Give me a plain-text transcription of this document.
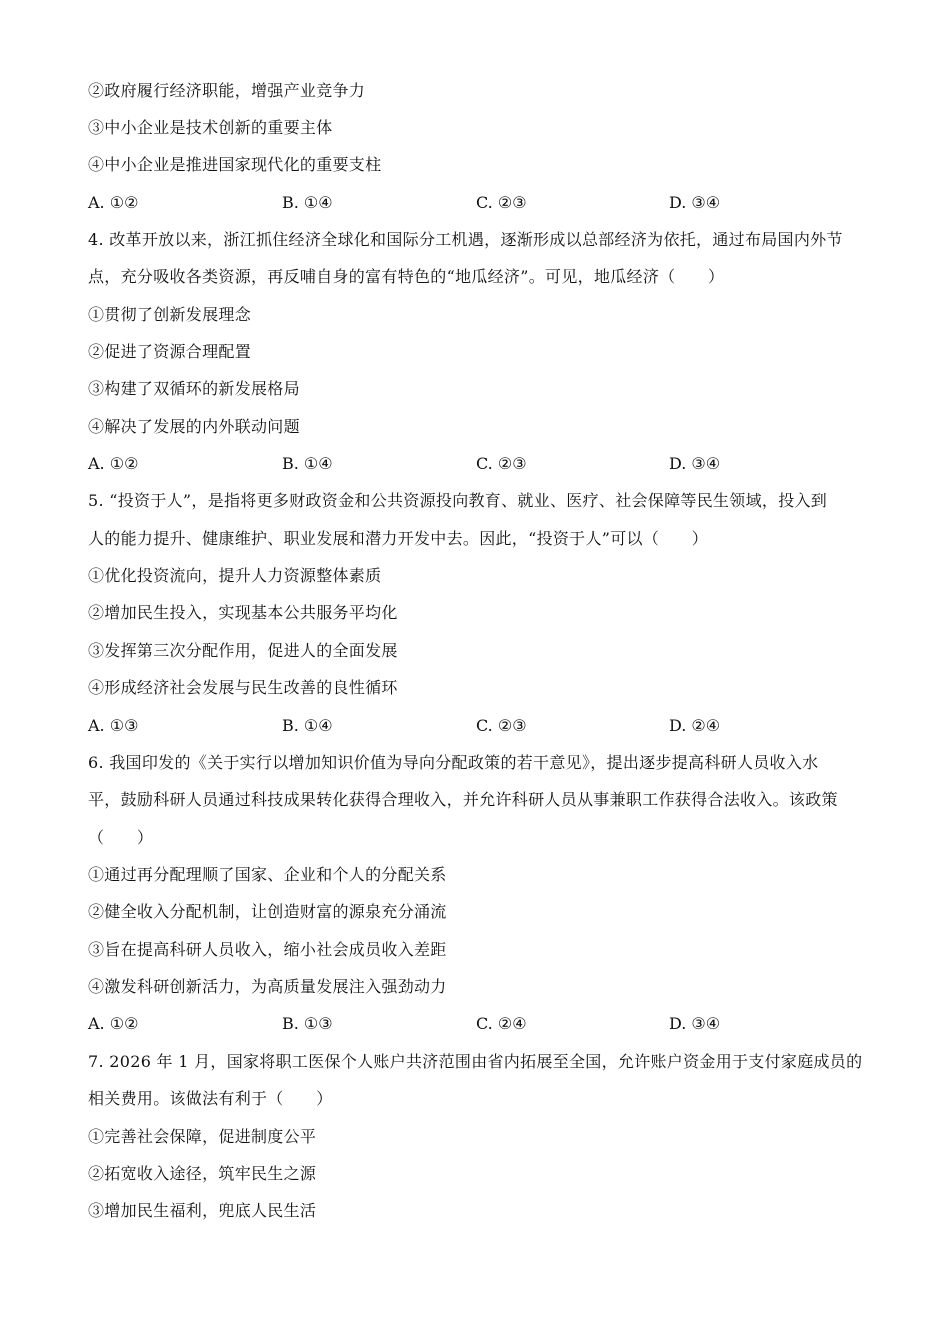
②政府履行经济职能，增强产业竞争力
③中小企业是技术创新的重要主体
④中小企业是推进国家现代化的重要支柱
A. ①②	B. ①④	C. ②③	D. ③④
4. 改革开放以来，浙江抓住经济全球化和国际分工机遇，逐渐形成以总部经济为依托，通过布局国内外节
点，充分吸收各类资源，再反哺自身的富有特色的“地瓜经济”。可见，地瓜经济（　　）
①贯彻了创新发展理念
②促进了资源合理配置
③构建了双循环的新发展格局
④解决了发展的内外联动问题
A. ①②	B. ①④	C. ②③	D. ③④
5. “投资于人”，是指将更多财政资金和公共资源投向教育、就业、医疗、社会保障等民生领域，投入到
人的能力提升、健康维护、职业发展和潜力开发中去。因此，“投资于人”可以（　　）
①优化投资流向，提升人力资源整体素质
②增加民生投入，实现基本公共服务平均化
③发挥第三次分配作用，促进人的全面发展
④形成经济社会发展与民生改善的良性循环
A. ①③	B. ①④	C. ②③	D. ②④
6. 我国印发的《关于实行以增加知识价值为导向分配政策的若干意见》，提出逐步提高科研人员收入水
平，鼓励科研人员通过科技成果转化获得合理收入，并允许科研人员从事兼职工作获得合法收入。该政策
（　　）
①通过再分配理顺了国家、企业和个人的分配关系
②健全收入分配机制，让创造财富的源泉充分涌流
③旨在提高科研人员收入，缩小社会成员收入差距
④激发科研创新活力，为高质量发展注入强劲动力
A. ①②	B. ①③	C. ②④	D. ③④
7. 2026 年 1 月，国家将职工医保个人账户共济范围由省内拓展至全国，允许账户资金用于支付家庭成员的
相关费用。该做法有利于（　　）
①完善社会保障，促进制度公平
②拓宽收入途径，筑牢民生之源
③增加民生福利，兜底人民生活
